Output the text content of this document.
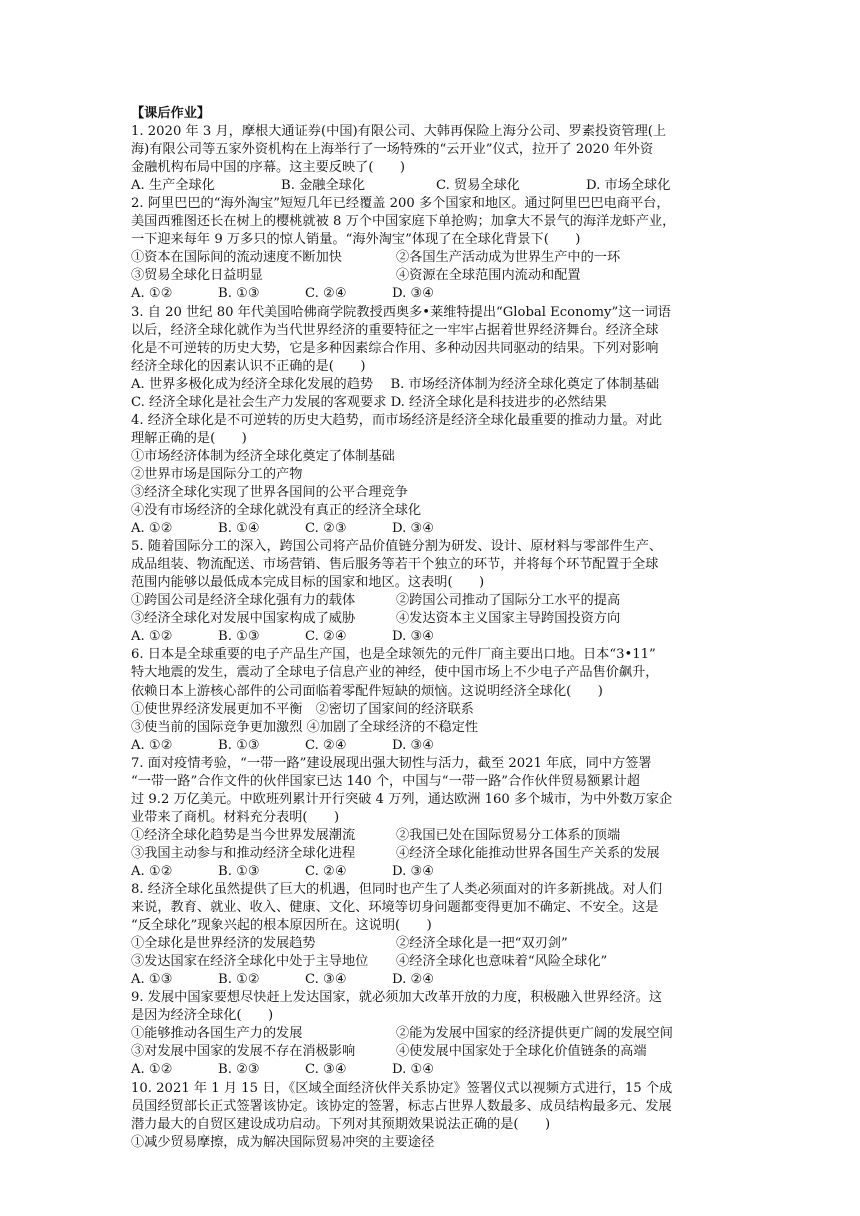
【课后作业】
1. 2020 年 3 月，摩根大通证券(中国)有限公司、大韩再保险上海分公司、罗素投资管理(上
海)有限公司等五家外资机构在上海举行了一场特殊的“云开业”仪式，拉开了 2020 年外资
金融机构布局中国的序幕。这主要反映了(　　)
A. 生产全球化	B. 金融全球化	C. 贸易全球化	D. 市场全球化
2. 阿里巴巴的“海外淘宝”短短几年已经覆盖 200 多个国家和地区。通过阿里巴巴电商平台，
美国西雅图还长在树上的樱桃就被 8 万个中国家庭下单抢购；加拿大不景气的海洋龙虾产业，
一下迎来每年 9 万多只的惊人销量。“海外淘宝”体现了在全球化背景下(　　)
①资本在国际间的流动速度不断加快	②各国生产活动成为世界生产中的一环
③贸易全球化日益明显	④资源在全球范围内流动和配置
A. ①②	B. ①③	C. ②④	D. ③④
3. 自 20 世纪 80 年代美国哈佛商学院教授西奥多•莱维特提出“Global Economy”这一词语
以后，经济全球化就作为当代世界经济的重要特征之一牢牢占据着世界经济舞台。经济全球
化是不可逆转的历史大势，它是多种因素综合作用、多种动因共同驱动的结果。下列对影响
经济全球化的因素认识不正确的是(　　)
A. 世界多极化成为经济全球化发展的趋势　 B. 市场经济体制为经济全球化奠定了体制基础
C. 经济全球化是社会生产力发展的客观要求 D. 经济全球化是科技进步的必然结果
4. 经济全球化是不可逆转的历史大趋势，而市场经济是经济全球化最重要的推动力量。对此
理解正确的是(　　)
①市场经济体制为经济全球化奠定了体制基础
②世界市场是国际分工的产物
③经济全球化实现了世界各国间的公平合理竞争
④没有市场经济的全球化就没有真正的经济全球化
A. ①②	B. ①④	C. ②③	D. ③④
5. 随着国际分工的深入，跨国公司将产品价值链分割为研发、设计、原材料与零部件生产、
成品组装、物流配送、市场营销、售后服务等若干个独立的环节，并将每个环节配置于全球
范围内能够以最低成本完成目标的国家和地区。这表明(　　)
①跨国公司是经济全球化强有力的载体	②跨国公司推动了国际分工水平的提高
③经济全球化对发展中国家构成了威胁	④发达资本主义国家主导跨国投资方向
A. ①②	B. ①③	C. ②④	D. ③④
6. 日本是全球重要的电子产品生产国，也是全球领先的元件厂商主要出口地。日本“3•11”
特大地震的发生，震动了全球电子信息产业的神经，使中国市场上不少电子产品售价飙升，
依赖日本上游核心部件的公司面临着零配件短缺的烦恼。这说明经济全球化(　　)
①使世界经济发展更加不平衡　②密切了国家间的经济联系
③使当前的国际竞争更加激烈 ④加剧了全球经济的不稳定性
A. ①②	B. ①③	C. ②④	D. ③④
7. 面对疫情考验，“一带一路”建设展现出强大韧性与活力，截至 2021 年底，同中方签署
“一带一路”合作文件的伙伴国家已达 140 个，中国与“一带一路”合作伙伴贸易额累计超
过 9.2 万亿美元。中欧班列累计开行突破 4 万列，通达欧洲 160 多个城市，为中外数万家企
业带来了商机。材料充分表明(　　)
①经济全球化趋势是当今世界发展潮流	②我国已处在国际贸易分工体系的顶端
③我国主动参与和推动经济全球化进程	④经济全球化能推动世界各国生产关系的发展
A. ①②	B. ①③	C. ②④	D. ③④
8. 经济全球化虽然提供了巨大的机遇，但同时也产生了人类必须面对的许多新挑战。对人们
来说，教育、就业、收入、健康、文化、环境等切身问题都变得更加不确定、不安全。这是
“反全球化”现象兴起的根本原因所在。这说明(　　)
①全球化是世界经济的发展趋势	②经济全球化是一把“双刃剑”
③发达国家在经济全球化中处于主导地位	④经济全球化也意味着“风险全球化”
A. ①③	B. ①②	C. ③④	D. ②④
9. 发展中国家要想尽快赶上发达国家，就必须加大改革开放的力度，积极融入世界经济。这
是因为经济全球化(　　)
①能够推动各国生产力的发展	②能为发展中国家的经济提供更广阔的发展空间
③对发展中国家的发展不存在消极影响	④使发展中国家处于全球化价值链条的高端
A. ①②	B. ②③	C. ③④	D. ①④
10. 2021 年 1 月 15 日，《区域全面经济伙伴关系协定》签署仪式以视频方式进行，15 个成
员国经贸部长正式签署该协定。该协定的签署，标志占世界人数最多、成员结构最多元、发展
潜力最大的自贸区建设成功启动。下列对其预期效果说法正确的是(　　)
①减少贸易摩擦，成为解决国际贸易冲突的主要途径
